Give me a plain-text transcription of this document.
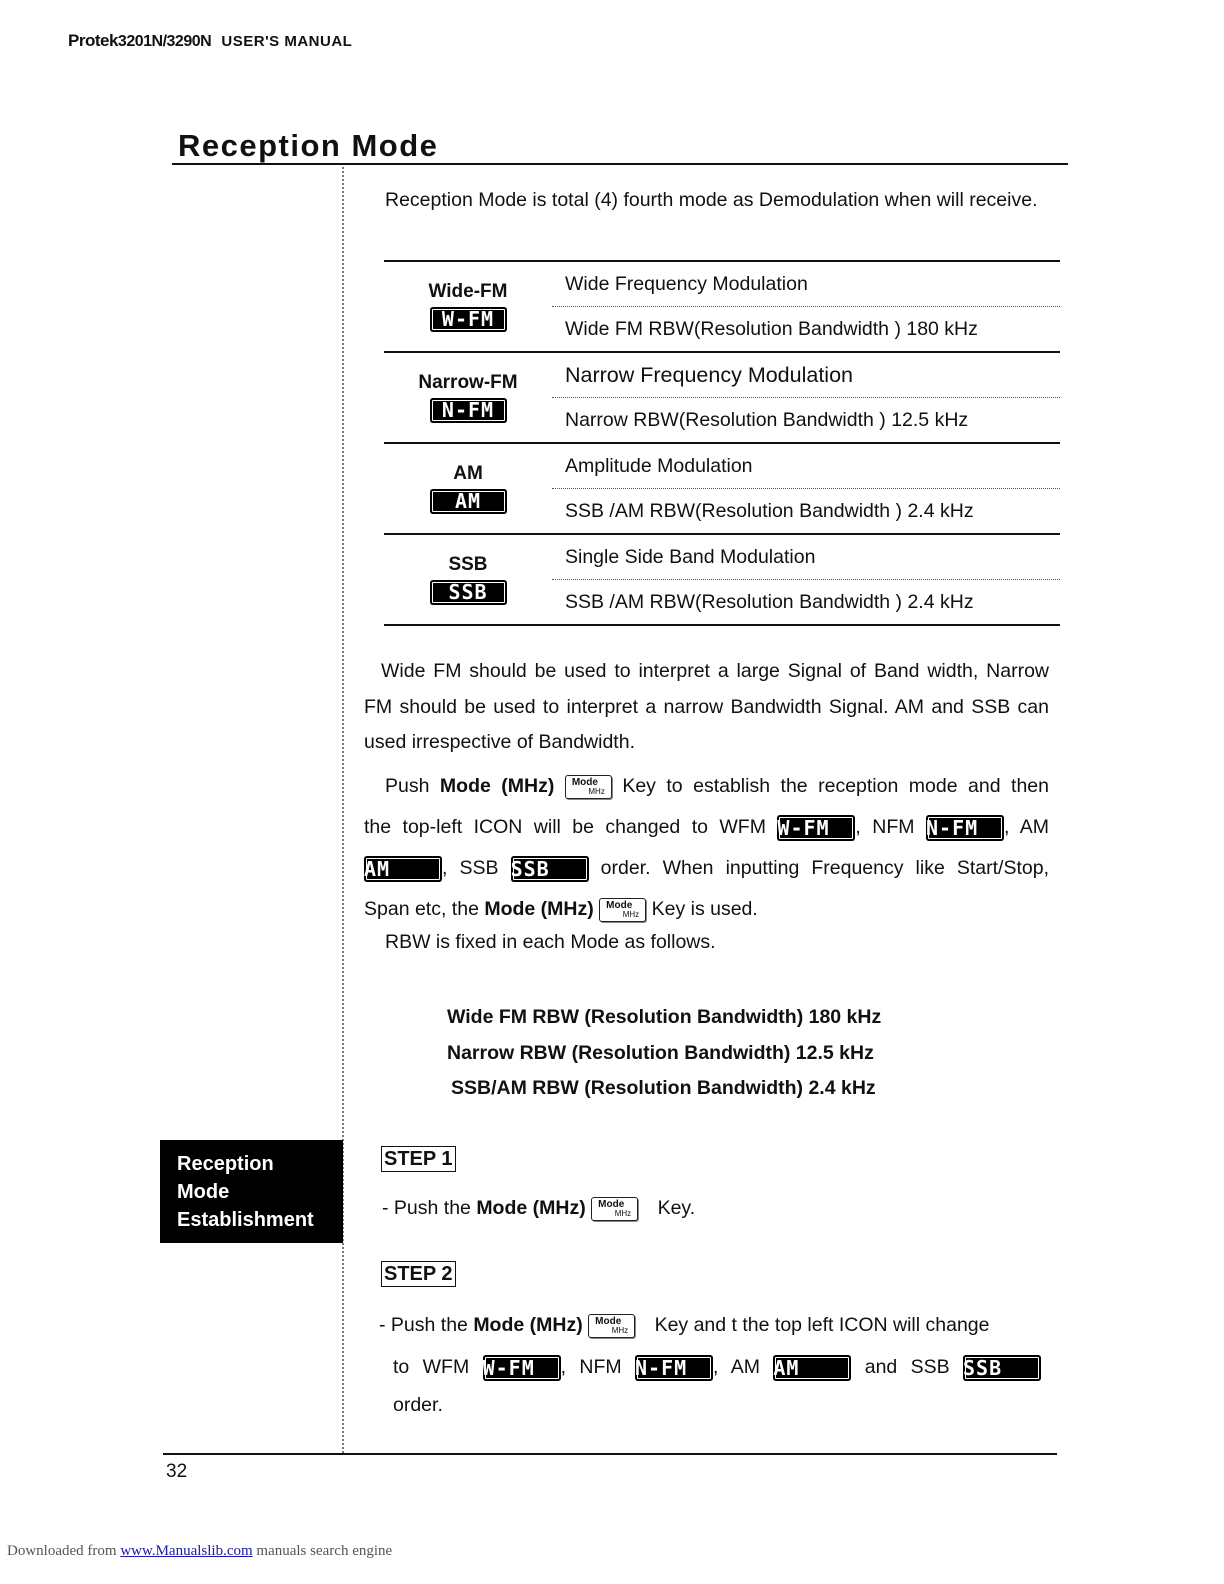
Protek3201N/3290N USER'S MANUAL
Reception Mode

Reception Mode is total (4) fourth mode as Demodulation when will receive.

Wide-FM
W-FM	Wide Frequency Modulation
	Wide FM RBW(Resolution Bandwidth ) 180 kHz

Narrow-FM
N-FM	Narrow Frequency Modulation
	Narrow RBW(Resolution Bandwidth ) 12.5 kHz

AM
AM	Amplitude Modulation
	SSB /AM RBW(Resolution Bandwidth ) 2.4 kHz

SSB
SSB	Single Side Band Modulation
	SSB /AM RBW(Resolution Bandwidth ) 2.4 kHz

Wide FM should be used to interpret a large Signal of Band width, Narrow FM should be used to interpret a narrow Bandwidth Signal. AM and SSB can used irrespective of Bandwidth.

Push Mode (MHz) Mode
MHz Key to establish the reception mode and then
the top-left ICON will be changed to WFM W-FM , NFM N-FM , AM
AM	, SSB SSB	order. When inputting Frequency like Start/Stop,
Span etc, the Mode (MHz) Mode
MHz Key is used.
RBW is fixed in each Mode as follows.
Wide FM RBW (Resolution Bandwidth) 180 kHz
Narrow RBW (Resolution Bandwidth) 12.5 kHz
SSB/AM RBW (Resolution Bandwidth) 2.4 kHz
Reception
Mode
Establishment
STEP 1
- Push the Mode (MHz) Mode
MHz Key.
STEP 2
- Push the Mode (MHz) Mode
MHz Key and t the top left ICON will change
to WFM W-FM , NFM N-FM , AM AM	and SSB SSB
order.
32
Downloaded from www.Manualslib.com manuals search engine
